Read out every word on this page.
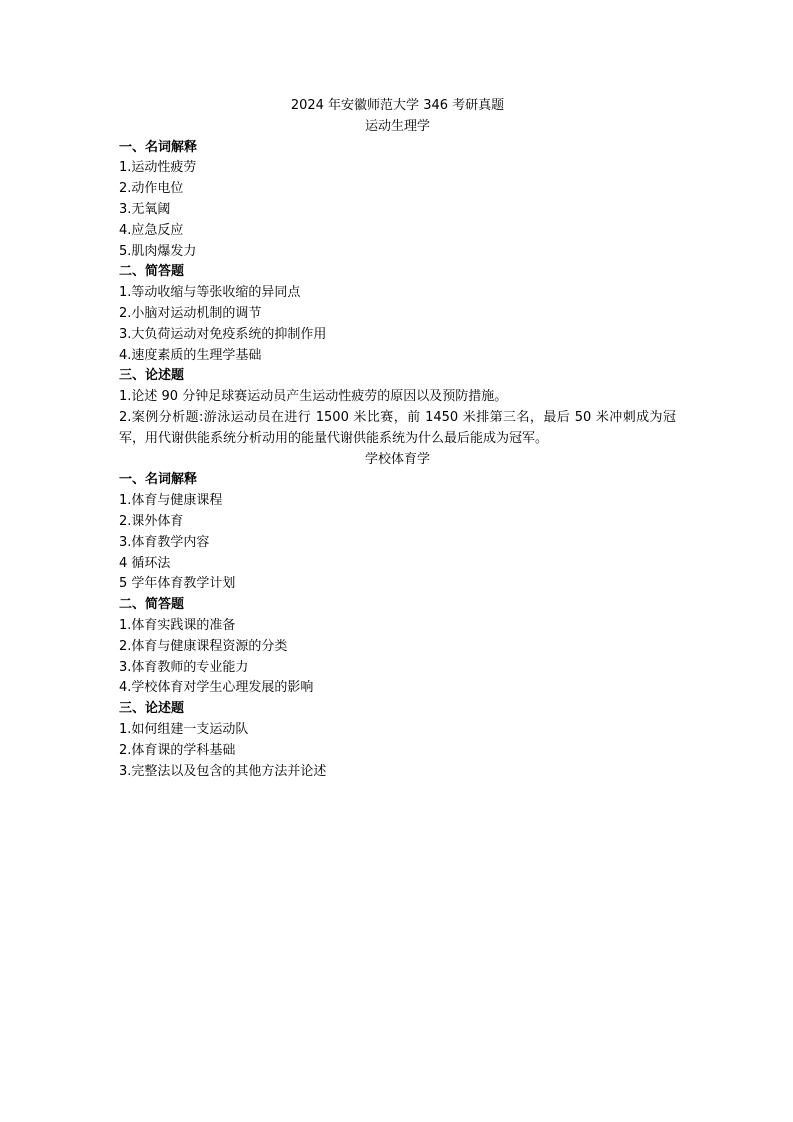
2024 年安徽师范大学 346 考研真题
运动生理学
一、名词解释
1.运动性疲劳
2.动作电位
3.无氧阈
4.应急反应
5.肌肉爆发力
二、简答题
1.等动收缩与等张收缩的异同点
2.小脑对运动机制的调节
3.大负荷运动对免疫系统的抑制作用
4.速度素质的生理学基础
三、论述题
1.论述 90 分钟足球赛运动员产生运动性疲劳的原因以及预防措施。
2.案例分析题:游泳运动员在进行 1500 米比赛，前 1450 米排第三名，最后 50 米冲刺成为冠军，用代谢供能系统分析动用的能量代谢供能系统为什么最后能成为冠军。
学校体育学
一、名词解释
1.体育与健康课程
2.课外体育
3.体育教学内容
4 循环法
5 学年体育教学计划
二、简答题
1.体育实践课的准备
2.体育与健康课程资源的分类
3.体育教师的专业能力
4.学校体育对学生心理发展的影响
三、论述题
1.如何组建一支运动队
2.体育课的学科基础
3.完整法以及包含的其他方法并论述
